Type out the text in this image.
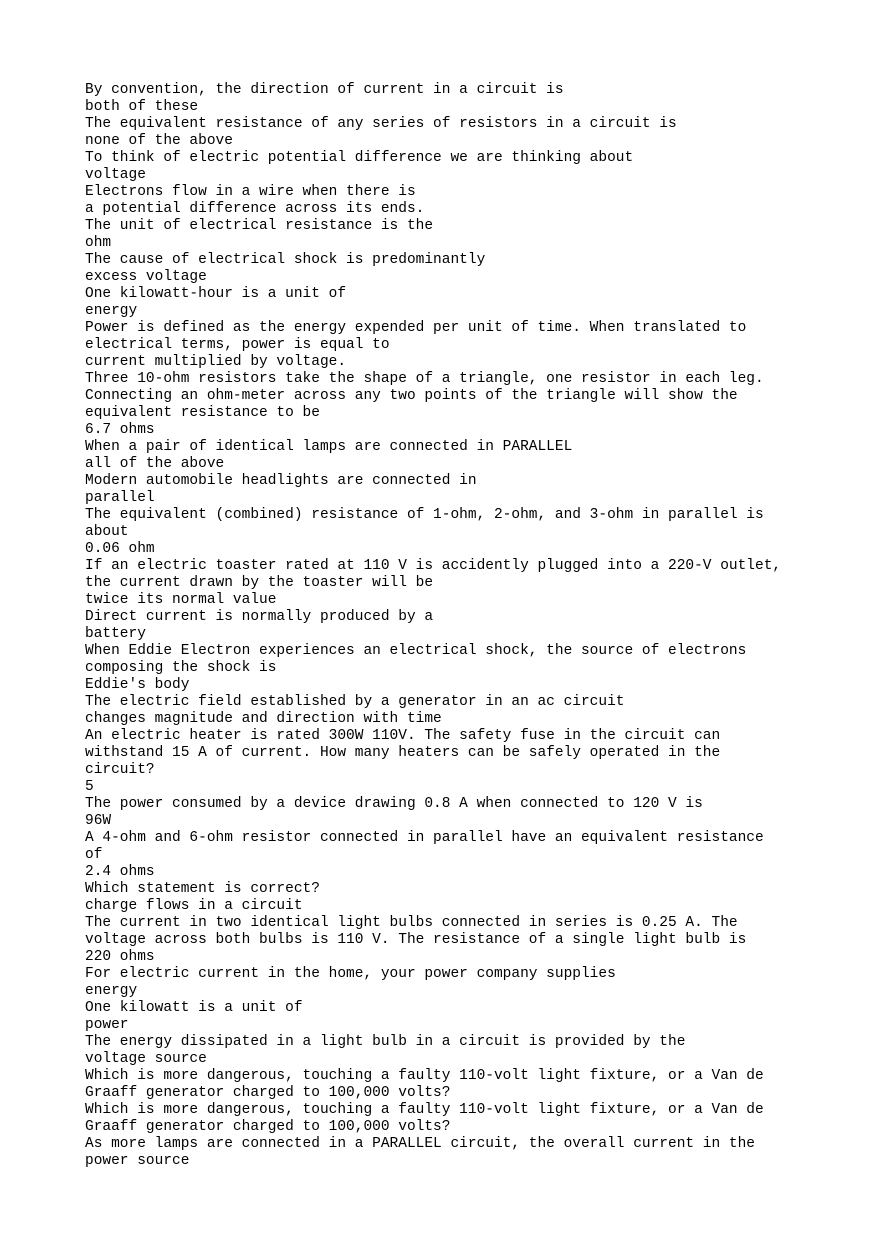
By convention, the direction of current in a circuit is
both of these
The equivalent resistance of any series of resistors in a circuit is
none of the above
To think of electric potential difference we are thinking about
voltage
Electrons flow in a wire when there is
a potential difference across its ends.
The unit of electrical resistance is the
ohm
The cause of electrical shock is predominantly
excess voltage
One kilowatt-hour is a unit of
energy
Power is defined as the energy expended per unit of time. When translated to
electrical terms, power is equal to
current multiplied by voltage.
Three 10-ohm resistors take the shape of a triangle, one resistor in each leg.
Connecting an ohm-meter across any two points of the triangle will show the
equivalent resistance to be
6.7 ohms
When a pair of identical lamps are connected in PARALLEL
all of the above
Modern automobile headlights are connected in
parallel
The equivalent (combined) resistance of 1-ohm, 2-ohm, and 3-ohm in parallel is
about
0.06 ohm
If an electric toaster rated at 110 V is accidently plugged into a 220-V outlet,
the current drawn by the toaster will be
twice its normal value
Direct current is normally produced by a
battery
When Eddie Electron experiences an electrical shock, the source of electrons
composing the shock is
Eddie's body
The electric field established by a generator in an ac circuit
changes magnitude and direction with time
An electric heater is rated 300W 110V. The safety fuse in the circuit can
withstand 15 A of current. How many heaters can be safely operated in the
circuit?
5
The power consumed by a device drawing 0.8 A when connected to 120 V is
96W
A 4-ohm and 6-ohm resistor connected in parallel have an equivalent resistance
of
2.4 ohms
Which statement is correct?
charge flows in a circuit
The current in two identical light bulbs connected in series is 0.25 A. The
voltage across both bulbs is 110 V. The resistance of a single light bulb is
220 ohms
For electric current in the home, your power company supplies
energy
One kilowatt is a unit of
power
The energy dissipated in a light bulb in a circuit is provided by the
voltage source
Which is more dangerous, touching a faulty 110-volt light fixture, or a Van de
Graaff generator charged to 100,000 volts?
Which is more dangerous, touching a faulty 110-volt light fixture, or a Van de
Graaff generator charged to 100,000 volts?
As more lamps are connected in a PARALLEL circuit, the overall current in the
power source
